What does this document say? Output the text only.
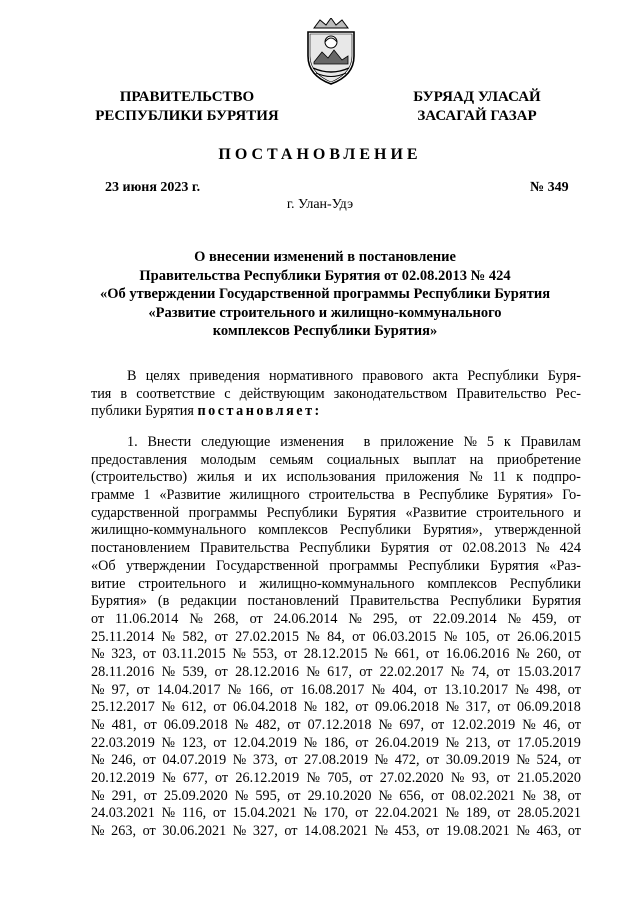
ПРАВИТЕЛЬСТВО
РЕСПУБЛИКИ БУРЯТИЯ
БУРЯАД УЛАСАЙ
ЗАСАГАЙ ГАЗАР
ПОСТАНОВЛЕНИЕ
23 июня 2023 г.	№ 349
г. Улан-Удэ
О внесении изменений в постановление
Правительства Республики Бурятия от 02.08.2013 № 424
«Об утверждении Государственной программы Республики Бурятия
«Развитие строительного и жилищно-коммунального
комплексов Республики Бурятия»
В целях приведения нормативного правового акта Республики Буря-
тия в соответствие с действующим законодательством Правительство Рес-
публики Бурятия
постановляет:
1. Внести следующие изменения в приложение № 5 к Правилам
предоставления молодым семьям социальных выплат на приобретение
(строительство) жилья и их использования приложения № 11 к подпро-
грамме 1 «Развитие жилищного строительства в Республике Бурятия» Го-
сударственной программы Республики Бурятия «Развитие строительного и
жилищно-коммунального комплексов Республики Бурятия», утвержденной
постановлением Правительства Республики Бурятия от 02.08.2013 № 424
«Об утверждении Государственной программы Республики Бурятия «Раз-
витие строительного и жилищно-коммунального комплексов Республики
Бурятия» (в редакции постановлений Правительства Республики Бурятия
от 11.06.2014 № 268, от 24.06.2014 № 295, от 22.09.2014 № 459, от
25.11.2014 № 582, от 27.02.2015 № 84, от 06.03.2015 № 105, от 26.06.2015
№ 323, от 03.11.2015 № 553, от 28.12.2015 № 661, от 16.06.2016 № 260, от
28.11.2016 № 539, от 28.12.2016 № 617, от 22.02.2017 № 74, от 15.03.2017
№ 97, от 14.04.2017 № 166, от 16.08.2017 № 404, от 13.10.2017 № 498, от
25.12.2017 № 612, от 06.04.2018 № 182, от 09.06.2018 № 317, от 06.09.2018
№ 481, от 06.09.2018 № 482, от 07.12.2018 № 697, от 12.02.2019 № 46, от
22.03.2019 № 123, от 12.04.2019 № 186, от 26.04.2019 № 213, от 17.05.2019
№ 246, от 04.07.2019 № 373, от 27.08.2019 № 472, от 30.09.2019 № 524, от
20.12.2019 № 677, от 26.12.2019 № 705, от 27.02.2020 № 93, от 21.05.2020
№ 291, от 25.09.2020 № 595, от 29.10.2020 № 656, от 08.02.2021 № 38, от
24.03.2021 № 116, от 15.04.2021 № 170, от 22.04.2021 № 189, от 28.05.2021
№ 263, от 30.06.2021 № 327, от 14.08.2021 № 453, от 19.08.2021 № 463, от
